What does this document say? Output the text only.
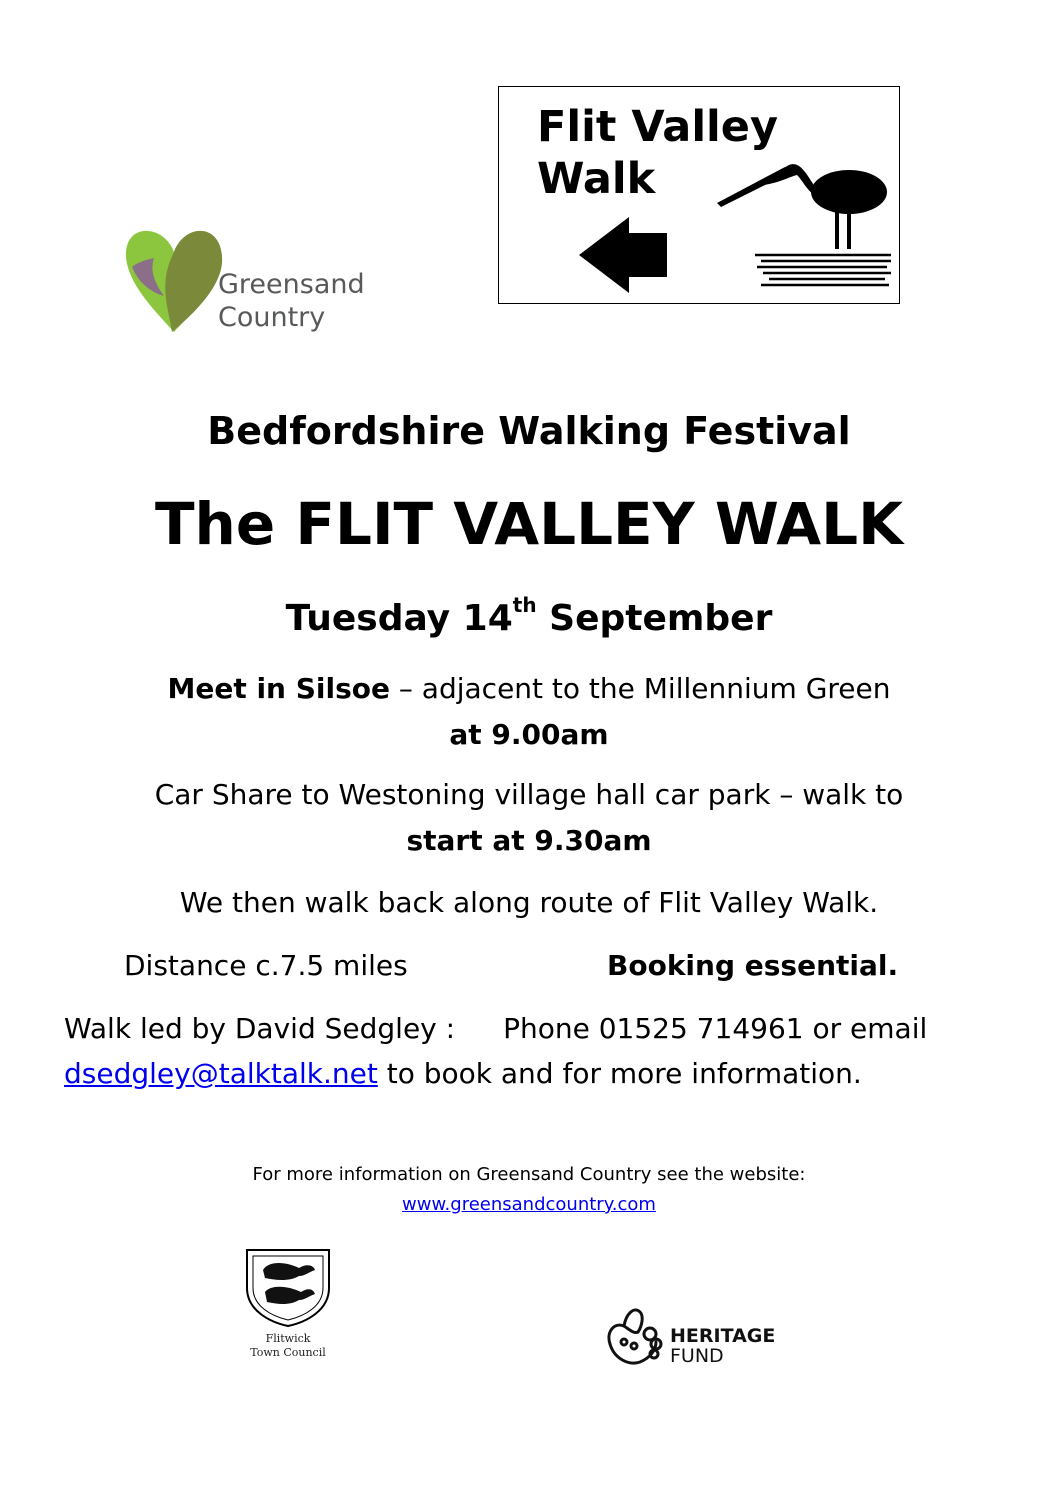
Greensand
Country
Flit Valley
Walk
Bedfordshire Walking Festival
The FLIT VALLEY WALK
Tuesday 14th September
Meet in Silsoe – adjacent to the Millennium Green
at 9.00am
Car Share to Westoning village hall car park – walk to
start at 9.30am
We then walk back along route of Flit Valley Walk.
Distance c.7.5 miles	Booking essential.
Walk led by David Sedgley : Phone 01525 714961 or email dsedgley@talktalk.net to book and for more information.
For more information on Greensand Country see the website:
www.greensandcountry.com
Flitwick
Town Council
HERITAGE
FUND
